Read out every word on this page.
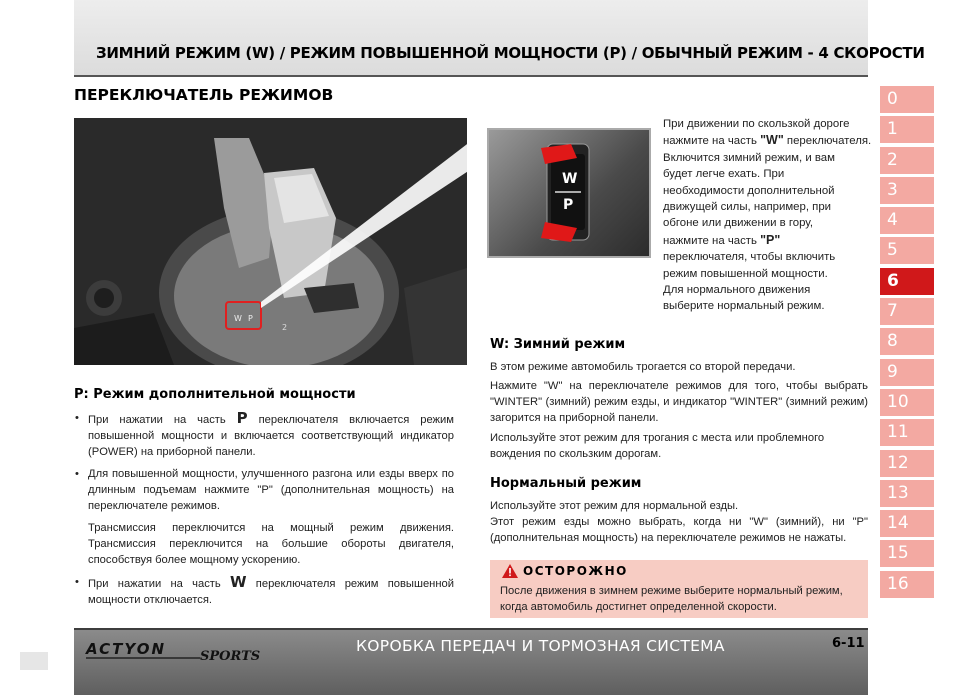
ЗИМНИЙ РЕЖИМ (W) / РЕЖИМ ПОВЫШЕННОЙ МОЩНОСТИ (P) / ОБЫЧНЫЙ РЕЖИМ - 4 СКОРОСТИ
ПЕРЕКЛЮЧАТЕЛЬ РЕЖИМОВ
W P
2
W
P
При движении по скользкой дороге
нажмите на часть "W" переключателя.
Включится зимний режим, и вам
будет легче ехать. При
необходимости дополнительной
движущей силы, например, при
обгоне или движении в гору,
нажмите на часть "P"
переключателя, чтобы включить
режим повышенной мощности.
Для нормального движения
выберите нормальный режим.
P: Режим дополнительной мощности
• При нажатии на часть P переключателя включается режим повышенной мощности и включается соответствующий индикатор (POWER) на приборной панели.
• Для повышенной мощности, улучшенного разгона или езды вверх по длинным подъемам нажмите "P" (дополнительная мощность) на переключателе режимов.
Трансмиссия переключится на мощный режим движения. Трансмиссия переключится на большие обороты двигателя, способствуя более мощному ускорению.
• При нажатии на часть W переключателя режим повышенной мощности отключается.
W: Зимний режим
В этом режиме автомобиль трогается со второй передачи.
Нажмите "W" на переключателе режимов для того, чтобы выбрать "WINTER" (зимний) режим езды, и индикатор "WINTER" (зимний режим) загорится на приборной панели.
Используйте этот режим для трогания с места или проблемного вождения по скользким дорогам.
Нормальный режим
Используйте этот режим для нормальной езды.
Этот режим езды можно выбрать, когда ни "W" (зимний), ни "P" (дополнительная мощность) на переключателе режимов не нажаты.
ОСТОРОЖНО
После движения в зимнем режиме выберите нормальный режим, когда автомобиль достигнет определенной скорости.
0
1
2
3
4
5
6
7
8
9
10
11
12
13
14
15
16
ACTYON	SPORTS
КОРОБКА ПЕРЕДАЧ И ТОРМОЗНАЯ СИСТЕМА	6-11
